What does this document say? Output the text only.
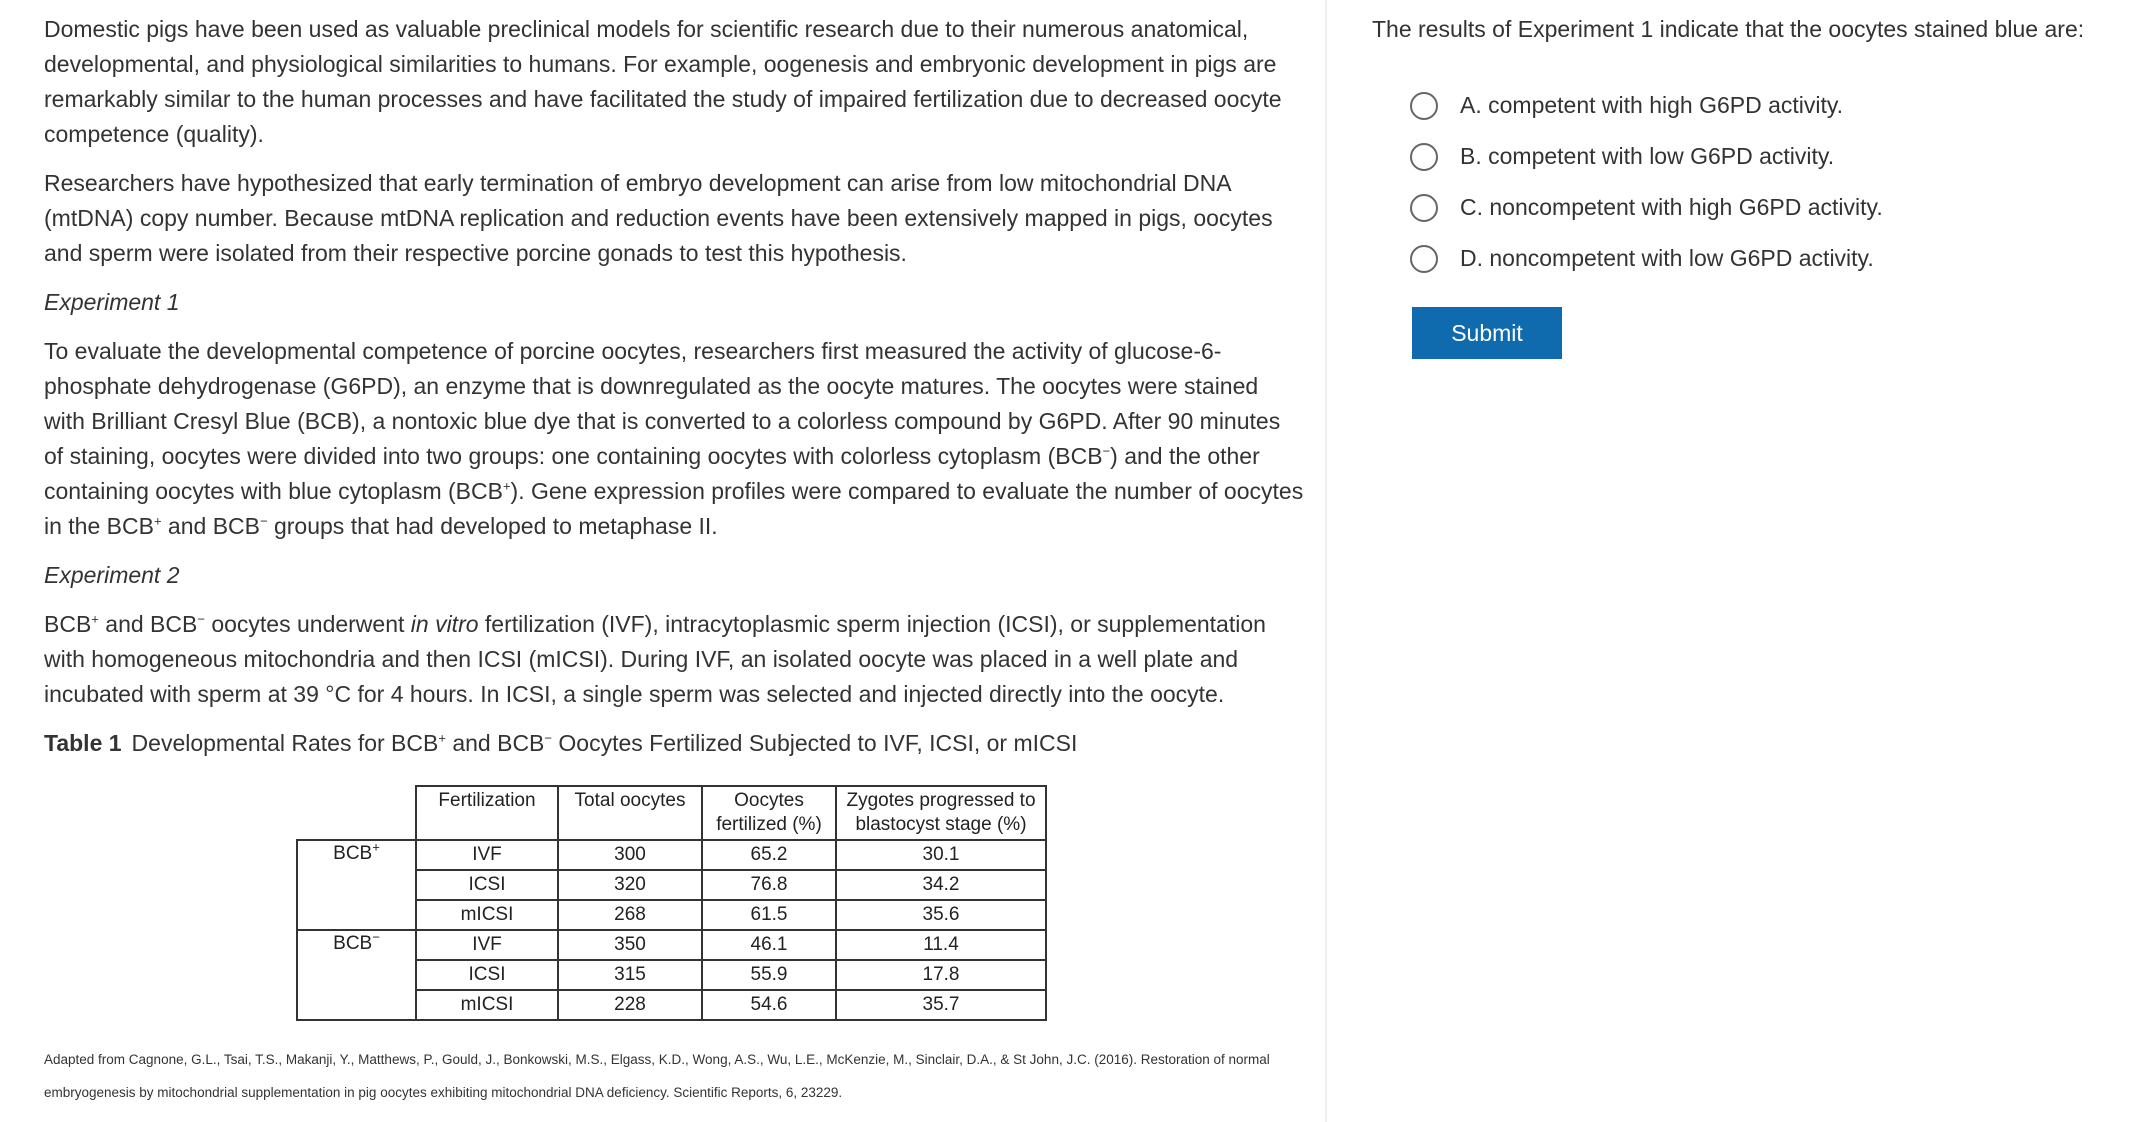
Domestic pigs have been used as valuable preclinical models for scientific research due to their numerous anatomical, developmental, and physiological similarities to humans. For example, oogenesis and embryonic development in pigs are remarkably similar to the human processes and have facilitated the study of impaired fertilization due to decreased oocyte competence (quality).

Researchers have hypothesized that early termination of embryo development can arise from low mitochondrial DNA (mtDNA) copy number. Because mtDNA replication and reduction events have been extensively mapped in pigs, oocytes and sperm were isolated from their respective porcine gonads to test this hypothesis.

Experiment 1

To evaluate the developmental competence of porcine oocytes, researchers first measured the activity of glucose-6-phosphate dehydrogenase (G6PD), an enzyme that is downregulated as the oocyte matures. The oocytes were stained with Brilliant Cresyl Blue (BCB), a nontoxic blue dye that is converted to a colorless compound by G6PD. After 90 minutes of staining, oocytes were divided into two groups: one containing oocytes with colorless cytoplasm (BCB−) and the other containing oocytes with blue cytoplasm (BCB+). Gene expression profiles were compared to evaluate the number of oocytes in the BCB+ and BCB− groups that had developed to metaphase II.

Experiment 2

BCB+ and BCB− oocytes underwent in vitro fertilization (IVF), intracytoplasmic sperm injection (ICSI), or supplementation with homogeneous mitochondria and then ICSI (mICSI). During IVF, an isolated oocyte was placed in a well plate and incubated with sperm at 39 °C for 4 hours. In ICSI, a single sperm was selected and injected directly into the oocyte.

Table 1 Developmental Rates for BCB+ and BCB− Oocytes Fertilized Subjected to IVF, ICSI, or mICSI
	Fertilization	Total oocytes	Oocytes fertilized (%)	Zygotes progressed to blastocyst stage (%)
BCB+	IVF	300	65.2	30.1
	ICSI	320	76.8	34.2
	mICSI	268	61.5	35.6
BCB−	IVF	350	46.1	11.4
	ICSI	315	55.9	17.8
	mICSI	228	54.6	35.7
Adapted from Cagnone, G.L., Tsai, T.S., Makanji, Y., Matthews, P., Gould, J., Bonkowski, M.S., Elgass, K.D., Wong, A.S., Wu, L.E., McKenzie, M., Sinclair, D.A., & St John, J.C. (2016). Restoration of normal embryogenesis by mitochondrial supplementation in pig oocytes exhibiting mitochondrial DNA deficiency. Scientific Reports, 6, 23229.
The results of Experiment 1 indicate that the oocytes stained blue are:
A. competent with high G6PD activity.
B. competent with low G6PD activity.
C. noncompetent with high G6PD activity.
D. noncompetent with low G6PD activity.
Submit
